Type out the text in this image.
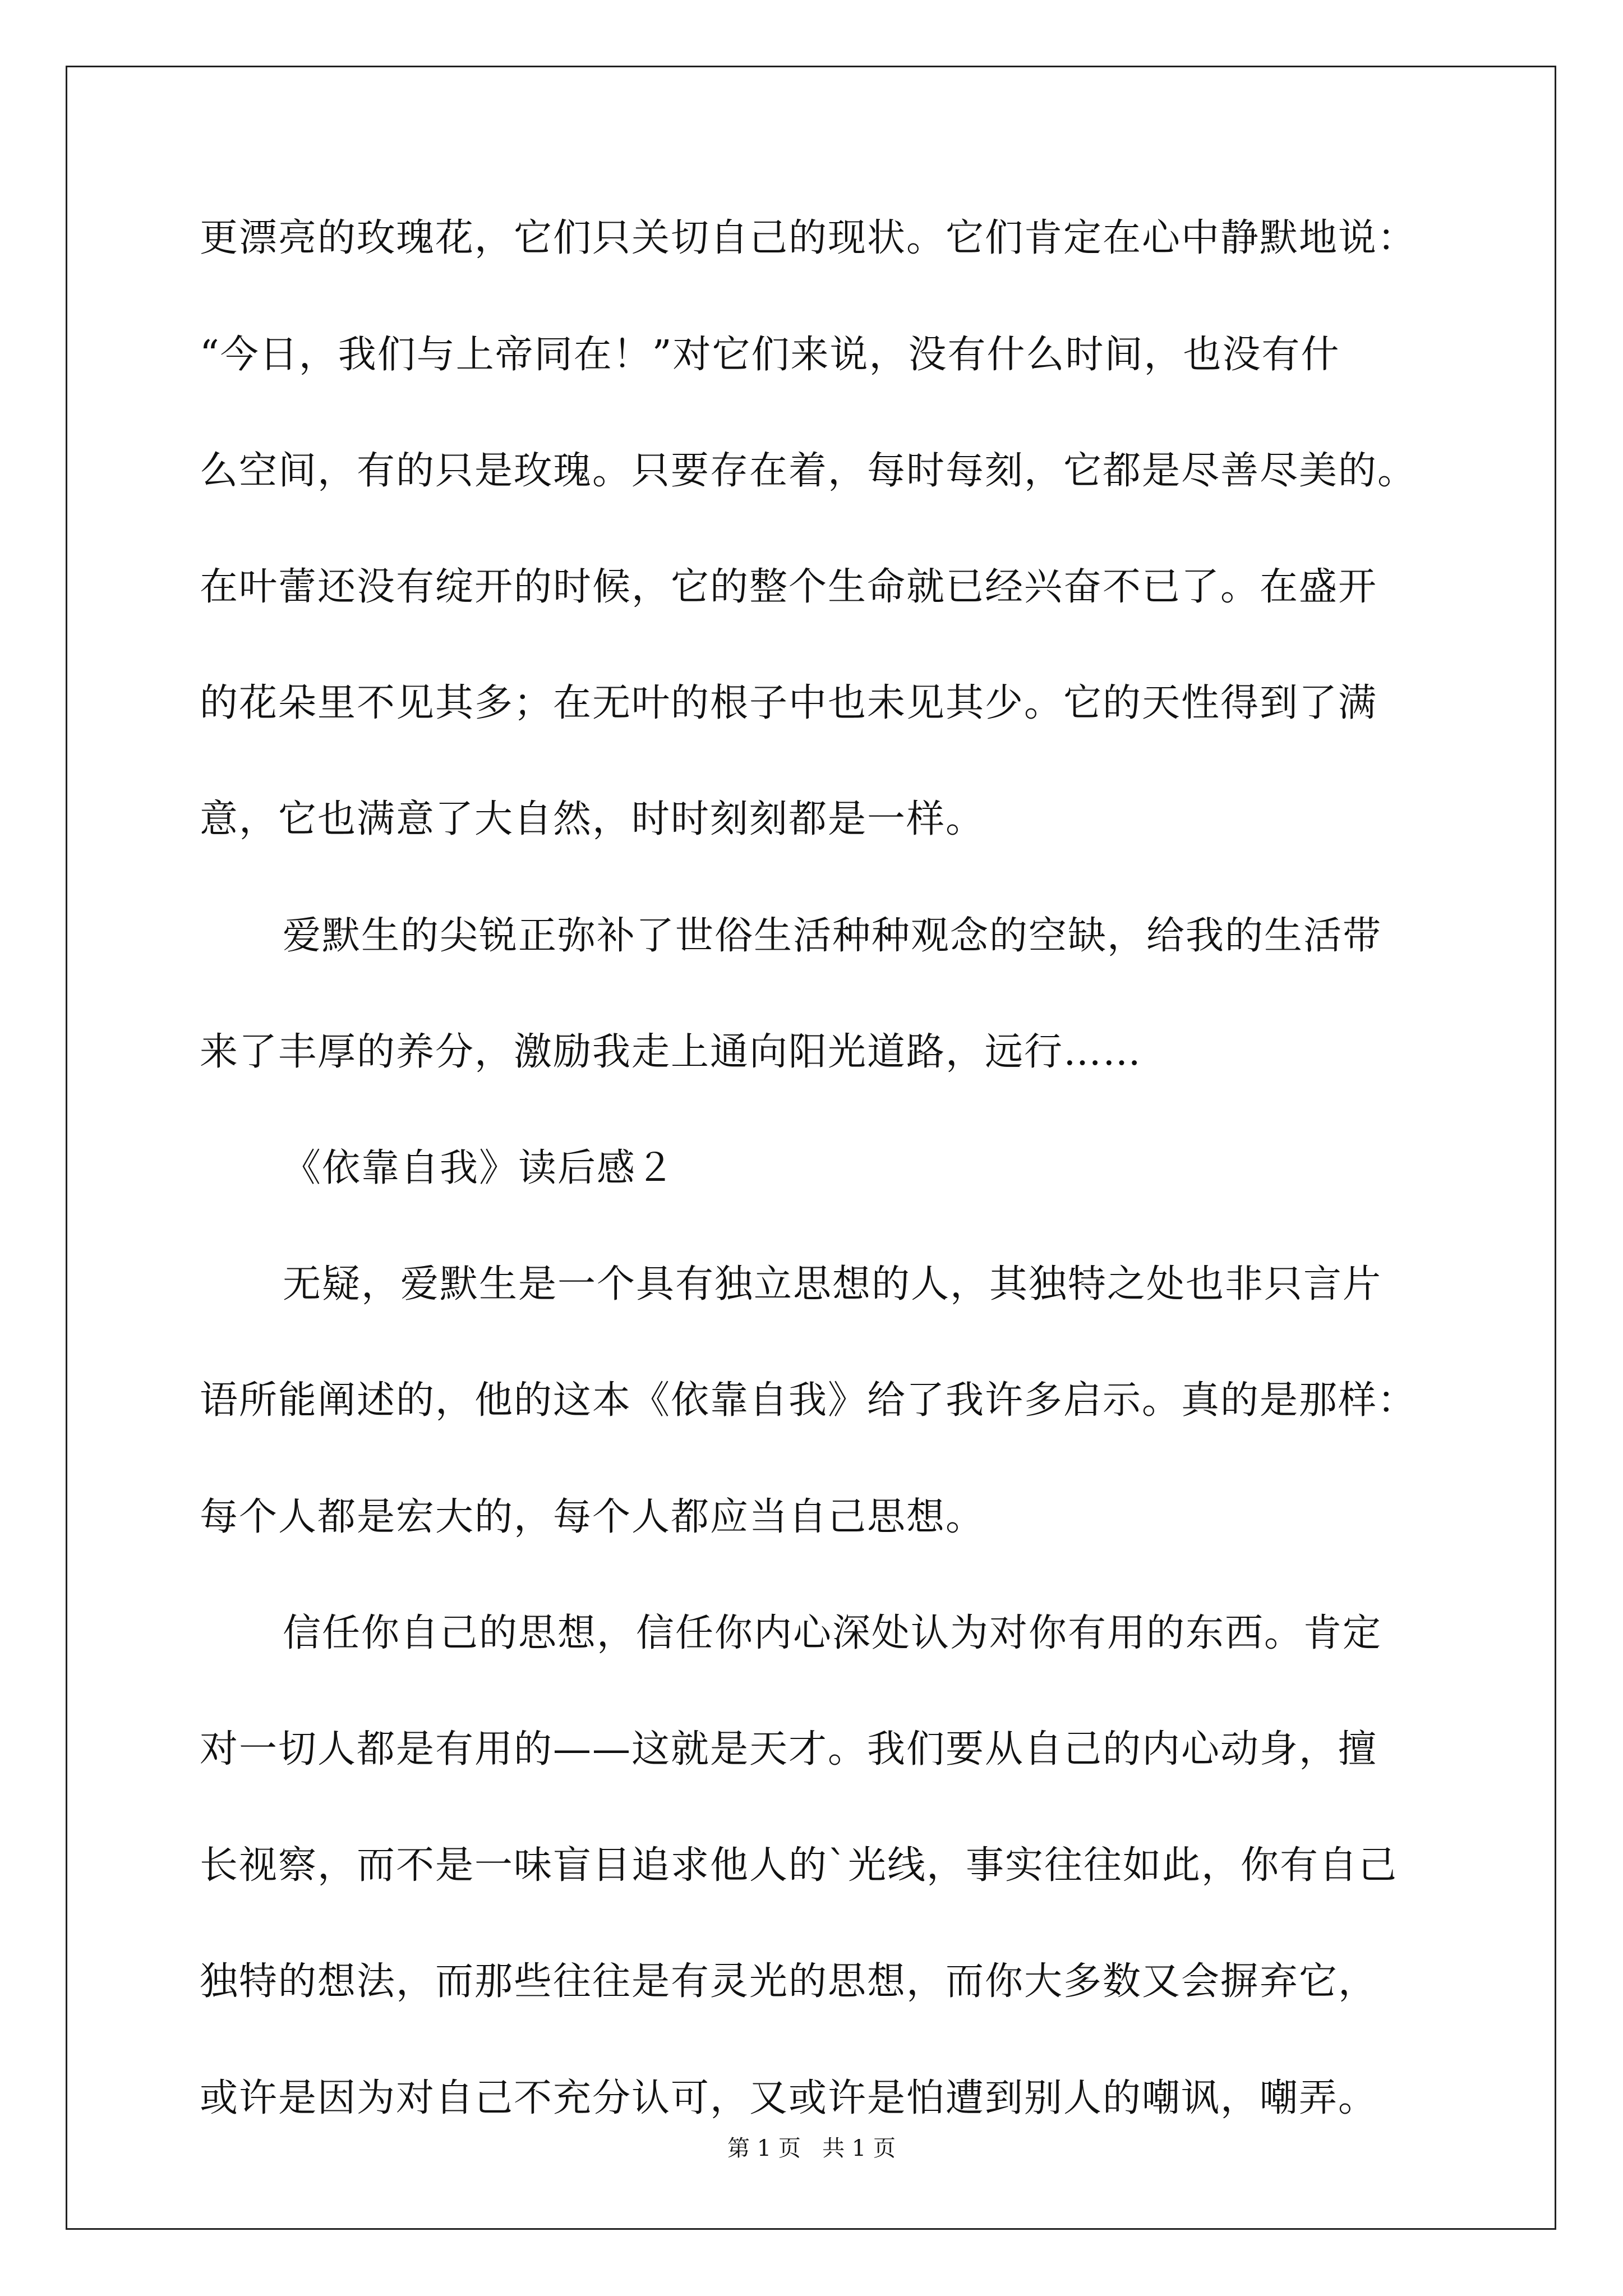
更漂亮的玫瑰花，它们只关切自己的现状。它们肯定在心中静默地说：
“今日，我们与上帝同在！”对它们来说，没有什么时间，也没有什
么空间，有的只是玫瑰。只要存在着，每时每刻，它都是尽善尽美的。
在叶蕾还没有绽开的时候，它的整个生命就已经兴奋不已了。在盛开
的花朵里不见其多；在无叶的根子中也未见其少。它的天性得到了满
意，它也满意了大自然，时时刻刻都是一样。
爱默生的尖锐正弥补了世俗生活种种观念的空缺，给我的生活带
来了丰厚的养分，激励我走上通向阳光道路，远行……
《依靠自我》读后感２
无疑，爱默生是一个具有独立思想的人，其独特之处也非只言片
语所能阐述的，他的这本《依靠自我》给了我许多启示。真的是那样：
每个人都是宏大的，每个人都应当自己思想。
信任你自己的思想，信任你内心深处认为对你有用的东西。肯定
对一切人都是有用的——这就是天才。我们要从自己的内心动身，擅
长视察，而不是一味盲目追求他人的`光线，事实往往如此，你有自己
独特的想法，而那些往往是有灵光的思想，而你大多数又会摒弃它，
或许是因为对自己不充分认可，又或许是怕遭到别人的嘲讽，嘲弄。
第 1 页   共 1 页
